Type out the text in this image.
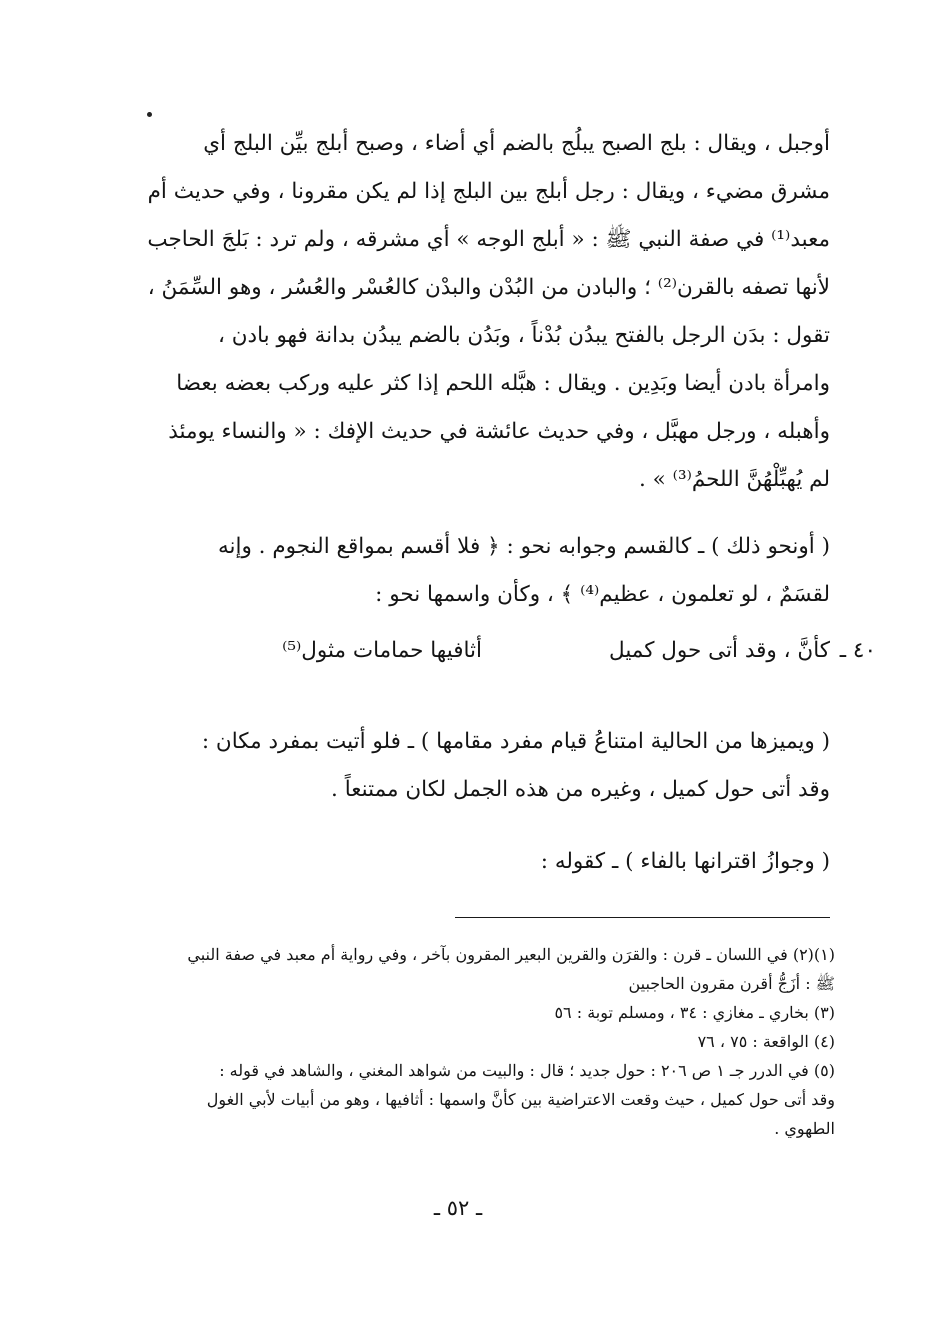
أوجبل ، ويقال : بلج الصبح يبلُج بالضم أي أضاء ، وصبح أبلج بيِّن البلج أي
مشرق مضيء ، ويقال : رجل أبلج بين البلج إذا لم يكن مقرونا ، وفي حديث أم
معبد⁽¹⁾ في صفة النبي ﷺ : « أبلج الوجه » أي مشرقه ، ولم ترد : بَلجَ الحاجب
لأنها تصفه بالقرن⁽²⁾ ؛ والبادن من البُدْن والبدْن كالعُسْر والعُسُر ، وهو السِّمَنُ ،
تقول : بدَن الرجل بالفتح يبدُن بُدْناً ، وبَدُن بالضم يبدُن بدانة فهو بادن ،
وامرأة بادن أيضا وبَدِين . ويقال : هبَّله اللحم إذا كثر عليه وركب بعضه بعضا
وأهبله ، ورجل مهبَّل ، وفي حديث عائشة في حديث الإفك : « والنساء يومئذ
لم يُهبِّلْهُنَّ اللحمُ⁽³⁾ » .
( أونحو ذلك ) ـ كالقسم وجوابه نحو : ﴿ فلا أقسم بمواقع النجوم . وإنه
لقسَمٌ ، لو تعلمون ، عظيم⁽⁴⁾ ﴾ ، وكأن واسمها نحو :
٤٠ ـ
كأنَّ ، وقد أتى حول كميل
أثافيها حمامات مثول⁽⁵⁾
( ويميزها من الحالية امتناعُ قيام مفرد مقامها ) ـ فلو أتيت بمفرد مكان :
وقد أتى حول كميل ، وغيره من هذه الجمل لكان ممتنعاً .
( وجوازُ اقترانها بالفاء ) ـ كقوله :
(١)(٢) في اللسان ـ قرن : والقرَن والقرين البعير المقرون بآخر ، وفي رواية أم معبد في صفة النبي
ﷺ : أزَجُّ أقرن مقرون الحاجبين
(٣) بخاري ـ مغازي : ٣٤ ، ومسلم توبة : ٥٦
(٤) الواقعة : ٧٥ ، ٧٦
(٥) في الدرر جـ ١ ص ٢٠٦ : حول جديد ؛ قال : والبيت من شواهد المغني ، والشاهد في قوله :
وقد أتى حول كميل ، حيث وقعت الاعتراضية بين كأنَّ واسمها : أثافيها ، وهو من أبيات لأبي الغول
الطهوي .
ـ ٥٢ ـ
